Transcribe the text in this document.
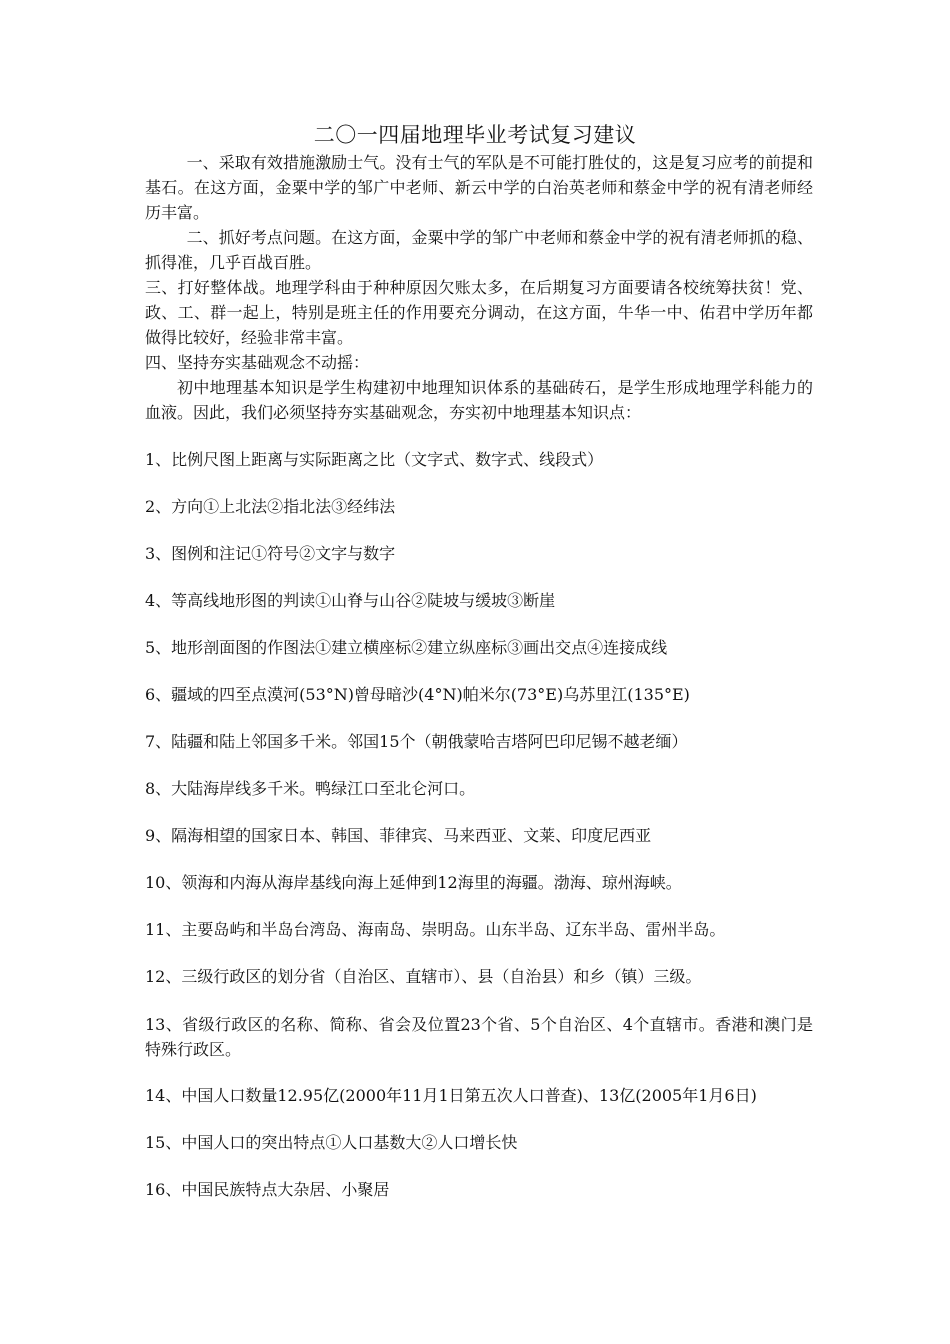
二〇一四届地理毕业考试复习建议

一、采取有效措施激励士气。没有士气的军队是不可能打胜仗的，这是复习应考的前提和基石。在这方面，金粟中学的邹广中老师、新云中学的白治英老师和蔡金中学的祝有清老师经历丰富。

二、抓好考点问题。在这方面，金粟中学的邹广中老师和蔡金中学的祝有清老师抓的稳、抓得准，几乎百战百胜。

三、打好整体战。地理学科由于种种原因欠账太多，在后期复习方面要请各校统筹扶贫！党、政、工、群一起上，特别是班主任的作用要充分调动，在这方面，牛华一中、佑君中学历年都做得比较好，经验非常丰富。

四、坚持夯实基础观念不动摇：

初中地理基本知识是学生构建初中地理知识体系的基础砖石，是学生形成地理学科能力的血液。因此，我们必须坚持夯实基础观念，夯实初中地理基本知识点：

1、比例尺图上距离与实际距离之比（文字式、数字式、线段式）

2、方向①上北法②指北法③经纬法

3、图例和注记①符号②文字与数字

4、等高线地形图的判读①山脊与山谷②陡坡与缓坡③断崖

5、地形剖面图的作图法①建立横座标②建立纵座标③画出交点④连接成线

6、疆域的四至点漠河(53°N)曾母暗沙(4°N)帕米尔(73°E)乌苏里江(135°E)

7、陆疆和陆上邻国多千米。邻国15个（朝俄蒙哈吉塔阿巴印尼锡不越老缅）

8、大陆海岸线多千米。鸭绿江口至北仑河口。

9、隔海相望的国家日本、韩国、菲律宾、马来西亚、文莱、印度尼西亚

10、领海和内海从海岸基线向海上延伸到12海里的海疆。渤海、琼州海峡。

11、主要岛屿和半岛台湾岛、海南岛、崇明岛。山东半岛、辽东半岛、雷州半岛。

12、三级行政区的划分省（自治区、直辖市）、县（自治县）和乡（镇）三级。

13、省级行政区的名称、简称、省会及位置23个省、5个自治区、4个直辖市。香港和澳门是特殊行政区。

14、中国人口数量12.95亿(2000年11月1日第五次人口普查)、13亿(2005年1月6日)

15、中国人口的突出特点①人口基数大②人口增长快

16、中国民族特点大杂居、小聚居
